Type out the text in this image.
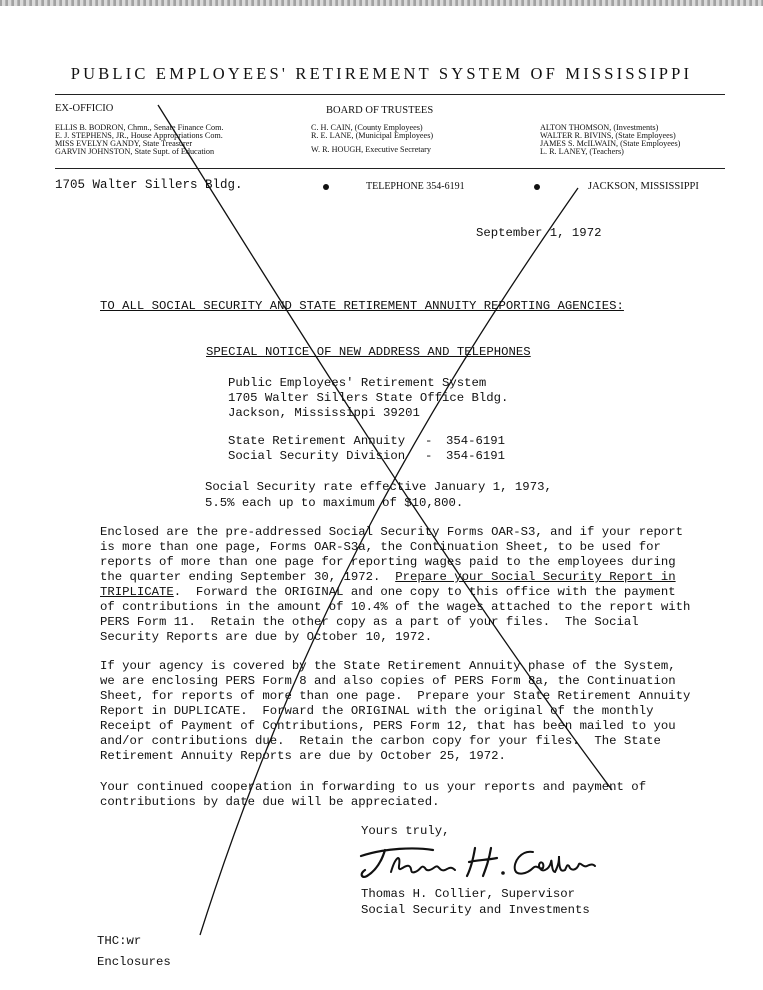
PUBLIC EMPLOYEES' RETIREMENT SYSTEM OF MISSISSIPPI
EX-OFFICIO	BOARD OF TRUSTEES
ELLIS B. BODRON, Chmn., Senate Finance Com.
E. J. STEPHENS, JR., House Appropriations Com.
MISS EVELYN GANDY, State Treasurer
GARVIN JOHNSTON, State Supt. of Education
C. H. CAIN, (County Employees)
R. E. LANE, (Municipal Employees)
W. R. HOUGH, Executive Secretary
ALTON THOMSON, (Investments)
WALTER R. BIVINS, (State Employees)
JAMES S. McILWAIN, (State Employees)
L. R. LANEY, (Teachers)
1705 Walter Sillers Bldg.	TELEPHONE 354-6191	JACKSON, MISSISSIPPI
September 1, 1972
TO ALL SOCIAL SECURITY AND STATE RETIREMENT ANNUITY REPORTING AGENCIES:
SPECIAL NOTICE OF NEW ADDRESS AND TELEPHONES
Public Employees' Retirement System
1705 Walter Sillers State Office Bldg.
Jackson, Mississippi 39201
State Retirement Annuity - 354-6191
Social Security Division - 354-6191
Social Security rate effective January 1, 1973,
5.5% each up to maximum of $10,800.
Enclosed are the pre-addressed Social Security Forms OAR-S3, and if your report
is more than one page, Forms OAR-S3a, the Continuation Sheet, to be used for
reports of more than one page for reporting wages paid to the employees during
the quarter ending September 30, 1972.  Prepare your Social Security Report in
TRIPLICATE.  Forward the ORIGINAL and one copy to this office with the payment
of contributions in the amount of 10.4% of the wages attached to the report with
PERS Form 11.  Retain the other copy as a part of your files.  The Social
Security Reports are due by October 10, 1972.
If your agency is covered by the State Retirement Annuity phase of the System,
we are enclosing PERS Form 8 and also copies of PERS Form 8a, the Continuation
Sheet, for reports of more than one page.  Prepare your State Retirement Annuity
Report in DUPLICATE.  Forward the ORIGINAL with the original of the monthly
Receipt of Payment of Contributions, PERS Form 12, that has been mailed to you
and/or contributions due.  Retain the carbon copy for your files.  The State
Retirement Annuity Reports are due by October 25, 1972.
Your continued cooperation in forwarding to us your reports and payment of
contributions by date due will be appreciated.
Yours truly,
Thomas H. Collier, Supervisor
Social Security and Investments
THC:wr
Enclosures
